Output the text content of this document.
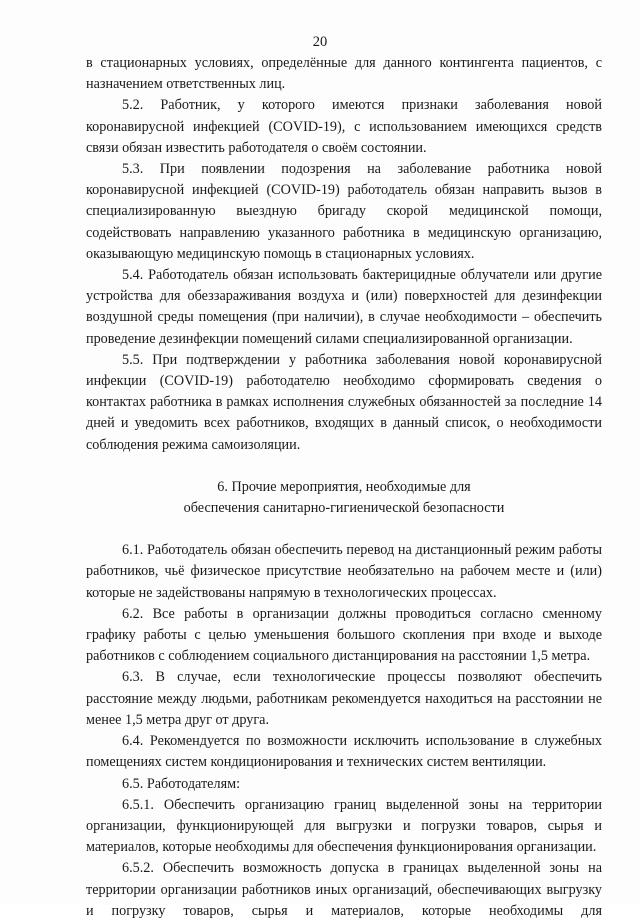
20

в стационарных условиях, определённые для данного контингента пациентов, с назначением ответственных лиц.

5.2. Работник, у которого имеются признаки заболевания новой коронавирусной инфекцией (COVID-19), с использованием имеющихся средств связи обязан известить работодателя о своём состоянии.

5.3. При появлении подозрения на заболевание работника новой коронавирусной инфекцией (COVID-19) работодатель обязан направить вызов в специализированную выездную бригаду скорой медицинской помощи, содействовать направлению указанного работника в медицинскую организацию, оказывающую медицинскую помощь в стационарных условиях.

5.4. Работодатель обязан использовать бактерицидные облучатели или другие устройства для обеззараживания воздуха и (или) поверхностей для дезинфекции воздушной среды помещения (при наличии), в случае необходимости – обеспечить проведение дезинфекции помещений силами специализированной организации.

5.5. При подтверждении у работника заболевания новой коронавирусной инфекции (COVID-19) работодателю необходимо сформировать сведения о контактах работника в рамках исполнения служебных обязанностей за последние 14 дней и уведомить всех работников, входящих в данный список, о необходимости соблюдения режима самоизоляции.

6. Прочие мероприятия, необходимые для

обеспечения санитарно-гигиенической безопасности

6.1. Работодатель обязан обеспечить перевод на дистанционный режим работы работников, чьё физическое присутствие необязательно на рабочем месте и (или) которые не задействованы напрямую в технологических процессах.

6.2. Все работы в организации должны проводиться согласно сменному графику работы с целью уменьшения большого скопления при входе и выходе работников с соблюдением социального дистанцирования на расстоянии 1,5 метра.

6.3. В случае, если технологические процессы позволяют обеспечить расстояние между людьми, работникам рекомендуется находиться на расстоянии не менее 1,5 метра друг от друга.

6.4. Рекомендуется по возможности исключить использование в служебных помещениях систем кондиционирования и технических систем вентиляции.

6.5. Работодателям:

6.5.1. Обеспечить организацию границ выделенной зоны на территории организации, функционирующей для выгрузки и погрузки товаров, сырья и материалов, которые необходимы для обеспечения функционирования организации.

6.5.2. Обеспечить возможность допуска в границах выделенной зоны на территории организации работников иных организаций, обеспечивающих выгрузку и погрузку товаров, сырья и материалов, которые необходимы для
